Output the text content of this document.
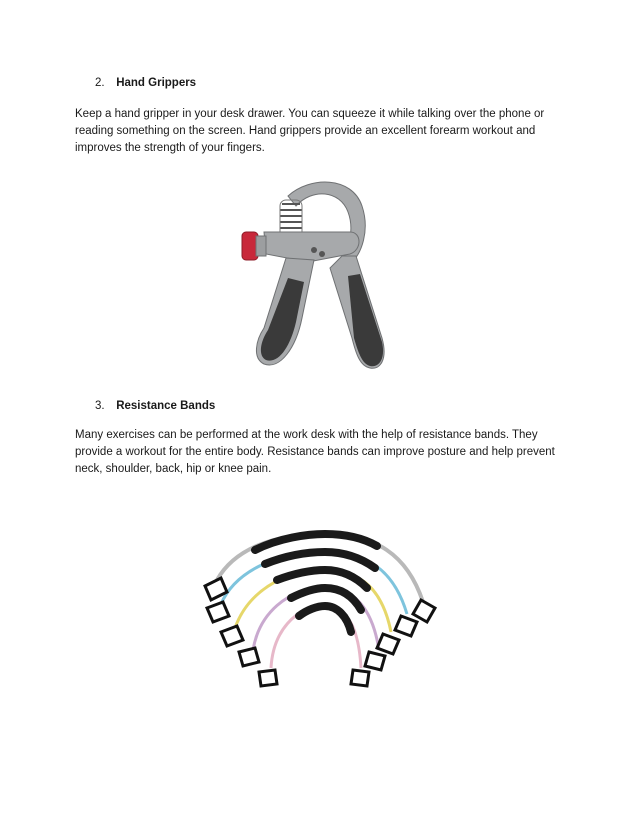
2. Hand Grippers

Keep a hand gripper in your desk drawer. You can squeeze it while talking over the phone or reading something on the screen. Hand grippers provide an excellent forearm workout and improves the strength of your fingers.

3. Resistance Bands

Many exercises can be performed at the work desk with the help of resistance bands. They provide a workout for the entire body. Resistance bands can improve posture and help prevent neck, shoulder, back, hip or knee pain.
